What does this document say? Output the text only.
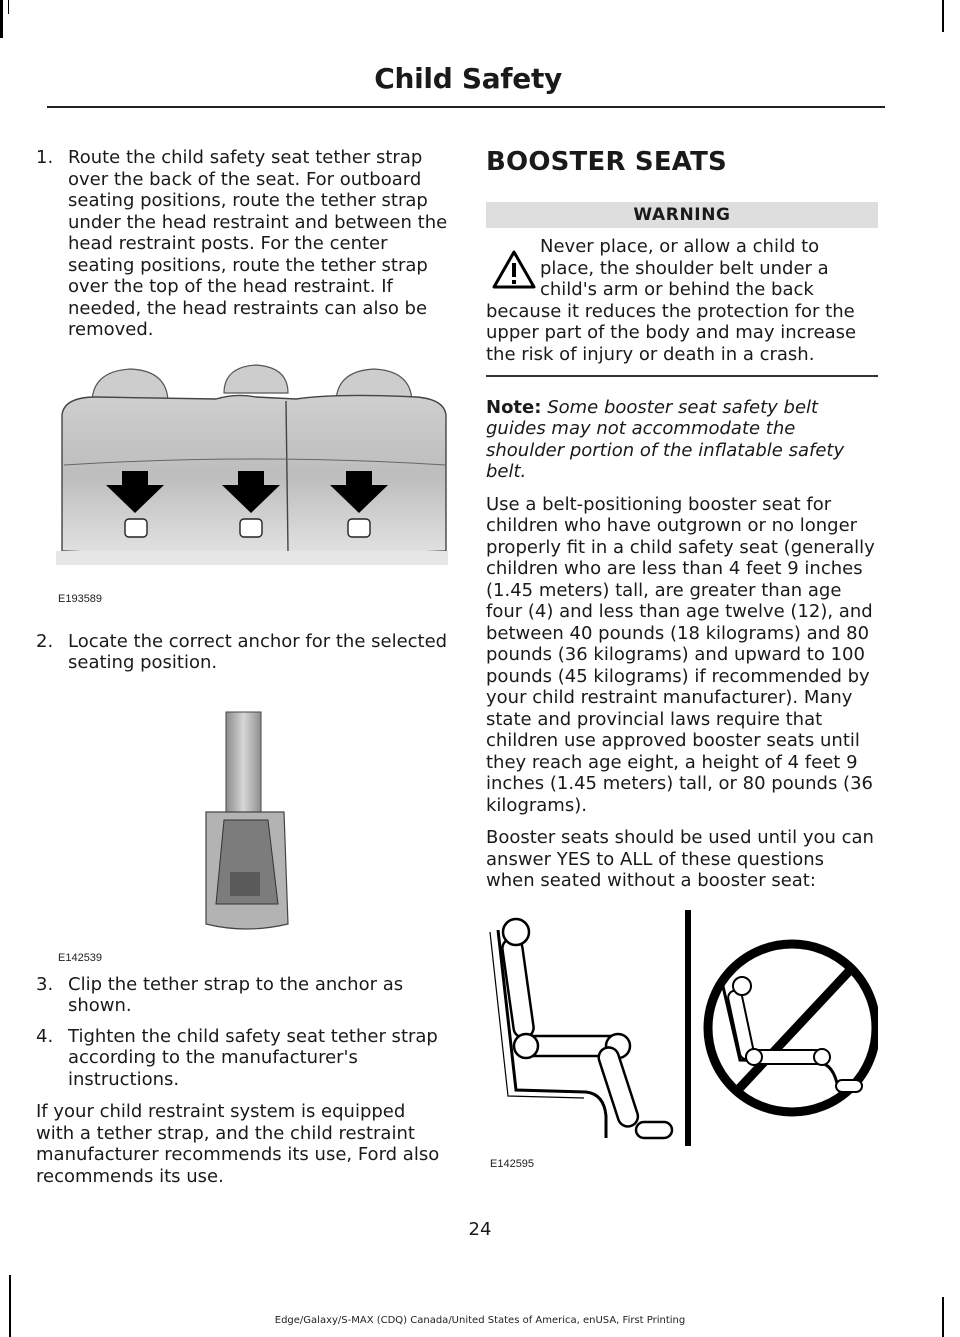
Child Safety
1. Route the child safety seat tether strap over the back of the seat. For outboard seating positions, route the tether strap under the head restraint and between the head restraint posts. For the center seating positions, route the tether strap over the top of the head restraint. If needed, the head restraints can also be removed.
E193589
2. Locate the correct anchor for the selected seating position.
E142539
3. Clip the tether strap to the anchor as shown.
4. Tighten the child safety seat tether strap according to the manufacturer's instructions.

If your child restraint system is equipped with a tether strap, and the child restraint manufacturer recommends its use, Ford also recommends its use.

BOOSTER SEATS
WARNING

Never place, or allow a child to place, the shoulder belt under a child's arm or behind the back because it reduces the protection for the upper part of the body and may increase the risk of injury or death in a crash.

Note: Some booster seat safety belt guides may not accommodate the shoulder portion of the inflatable safety belt.

Use a belt-positioning booster seat for children who have outgrown or no longer properly fit in a child safety seat (generally children who are less than 4 feet 9 inches (1.45 meters) tall, are greater than age four (4) and less than age twelve (12), and between 40 pounds (18 kilograms) and 80 pounds (36 kilograms) and upward to 100 pounds (45 kilograms) if recommended by your child restraint manufacturer). Many state and provincial laws require that children use approved booster seats until they reach age eight, a height of 4 feet 9 inches (1.45 meters) tall, or 80 pounds (36 kilograms).

Booster seats should be used until you can answer YES to ALL of these questions when seated without a booster seat:

E142595
24
Edge/Galaxy/S-MAX (CDQ) Canada/United States of America, enUSA, First Printing
